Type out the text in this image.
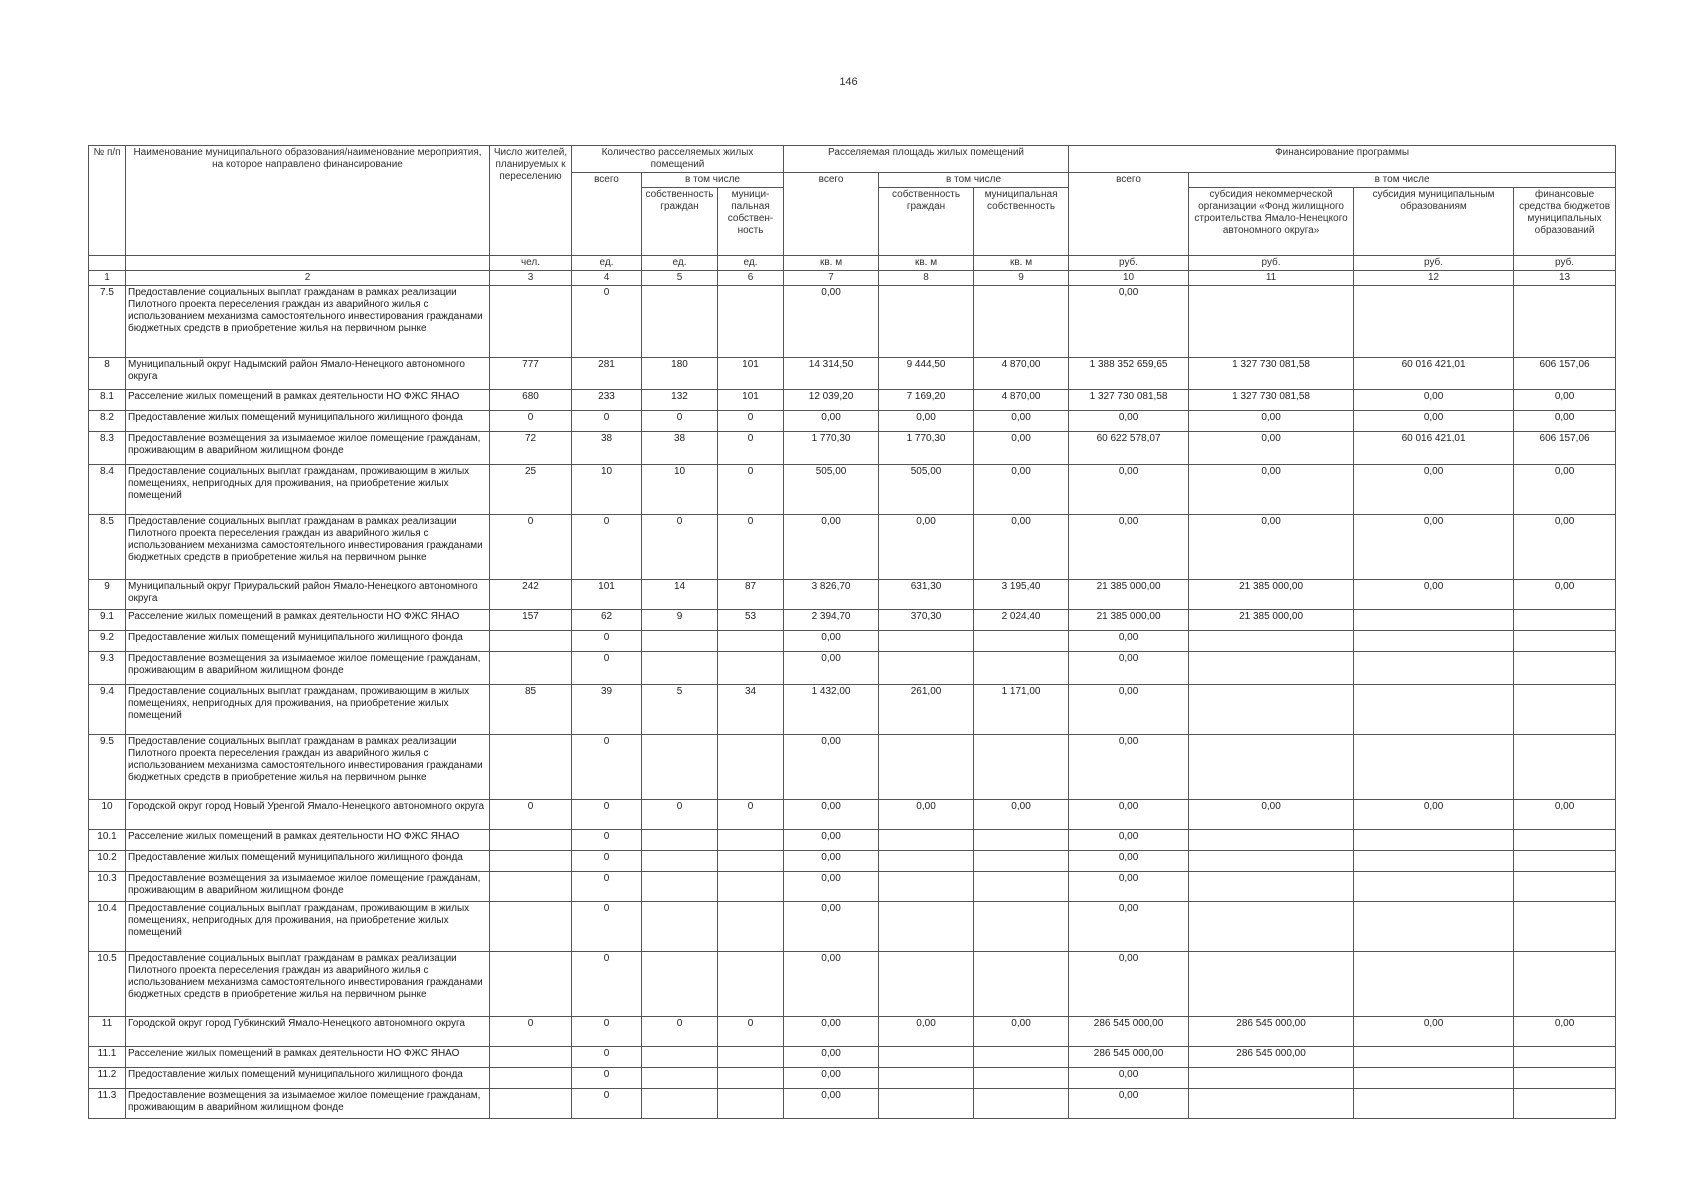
146
№ п/п	Наименование муниципального образования/наименование мероприятия, на которое направлено финансирование	Число жителей, планируемых к переселению	Количество расселяемых жилых помещений			Расселяемая площадь жилых помещений			Финансирование программы			
			всего	в том числе		всего	в том числе		всего	в том числе		
				собственность граждан	муници-пальная собствен-ность		собственность граждан	муниципальная собственность		субсидия некоммерческой организации «Фонд жилищного строительства Ямало-Ненецкого автономного округа»	субсидия муниципальным образованиям	финансовые средства бюджетов муниципальных образований
		чел.	ед.	ед.	ед.	кв. м	кв. м	кв. м	руб.	руб.	руб.	руб.
1	2	3	4	5	6	7	8	9	10	11	12	13
7.5	Предоставление социальных выплат гражданам в рамках реализации Пилотного проекта переселения граждан из аварийного жилья с использованием механизма самостоятельного инвестирования гражданами бюджетных средств в приобретение жилья на первичном рынке		0			0,00			0,00			
8	Муниципальный округ Надымский район Ямало-Ненецкого автономного округа	777	281	180	101	14 314,50	9 444,50	4 870,00	1 388 352 659,65	1 327 730 081,58	60 016 421,01	606 157,06
8.1	Расселение жилых помещений в рамках деятельности НО ФЖС ЯНАО	680	233	132	101	12 039,20	7 169,20	4 870,00	1 327 730 081,58	1 327 730 081,58	0,00	0,00
8.2	Предоставление жилых помещений муниципального жилищного фонда	0	0	0	0	0,00	0,00	0,00	0,00	0,00	0,00	0,00
8.3	Предоставление возмещения за изымаемое жилое помещение гражданам, проживающим в аварийном жилищном фонде	72	38	38	0	1 770,30	1 770,30	0,00	60 622 578,07	0,00	60 016 421,01	606 157,06
8.4	Предоставление социальных выплат гражданам, проживающим в жилых помещениях, непригодных для проживания, на приобретение жилых помещений	25	10	10	0	505,00	505,00	0,00	0,00	0,00	0,00	0,00
8.5	Предоставление социальных выплат гражданам в рамках реализации Пилотного проекта переселения граждан из аварийного жилья с использованием механизма самостоятельного инвестирования гражданами бюджетных средств в приобретение жилья на первичном рынке	0	0	0	0	0,00	0,00	0,00	0,00	0,00	0,00	0,00
9	Муниципальный округ Приуральский район Ямало-Ненецкого автономного округа	242	101	14	87	3 826,70	631,30	3 195,40	21 385 000,00	21 385 000,00	0,00	0,00
9.1	Расселение жилых помещений в рамках деятельности НО ФЖС ЯНАО	157	62	9	53	2 394,70	370,30	2 024,40	21 385 000,00	21 385 000,00		
9.2	Предоставление жилых помещений муниципального жилищного фонда		0			0,00			0,00			
9.3	Предоставление возмещения за изымаемое жилое помещение гражданам, проживающим в аварийном жилищном фонде		0			0,00			0,00			
9.4	Предоставление социальных выплат гражданам, проживающим в жилых помещениях, непригодных для проживания, на приобретение жилых помещений	85	39	5	34	1 432,00	261,00	1 171,00	0,00			
9.5	Предоставление социальных выплат гражданам в рамках реализации Пилотного проекта переселения граждан из аварийного жилья с использованием механизма самостоятельного инвестирования гражданами бюджетных средств в приобретение жилья на первичном рынке		0			0,00			0,00			
10	Городской округ город Новый Уренгой Ямало-Ненецкого автономного округа	0	0	0	0	0,00	0,00	0,00	0,00	0,00	0,00	0,00
10.1	Расселение жилых помещений в рамках деятельности НО ФЖС ЯНАО		0			0,00			0,00			
10.2	Предоставление жилых помещений муниципального жилищного фонда		0			0,00			0,00			
10.3	Предоставление возмещения за изымаемое жилое помещение гражданам, проживающим в аварийном жилищном фонде		0			0,00			0,00			
10.4	Предоставление социальных выплат гражданам, проживающим в жилых помещениях, непригодных для проживания, на приобретение жилых помещений		0			0,00			0,00			
10.5	Предоставление социальных выплат гражданам в рамках реализации Пилотного проекта переселения граждан из аварийного жилья с использованием механизма самостоятельного инвестирования гражданами бюджетных средств в приобретение жилья на первичном рынке		0			0,00			0,00			
11	Городской округ город Губкинский Ямало-Ненецкого автономного округа	0	0	0	0	0,00	0,00	0,00	286 545 000,00	286 545 000,00	0,00	0,00
11.1	Расселение жилых помещений в рамках деятельности НО ФЖС ЯНАО		0			0,00			286 545 000,00	286 545 000,00		
11.2	Предоставление жилых помещений муниципального жилищного фонда		0			0,00			0,00			
11.3	Предоставление возмещения за изымаемое жилое помещение гражданам, проживающим в аварийном жилищном фонде		0			0,00			0,00			
